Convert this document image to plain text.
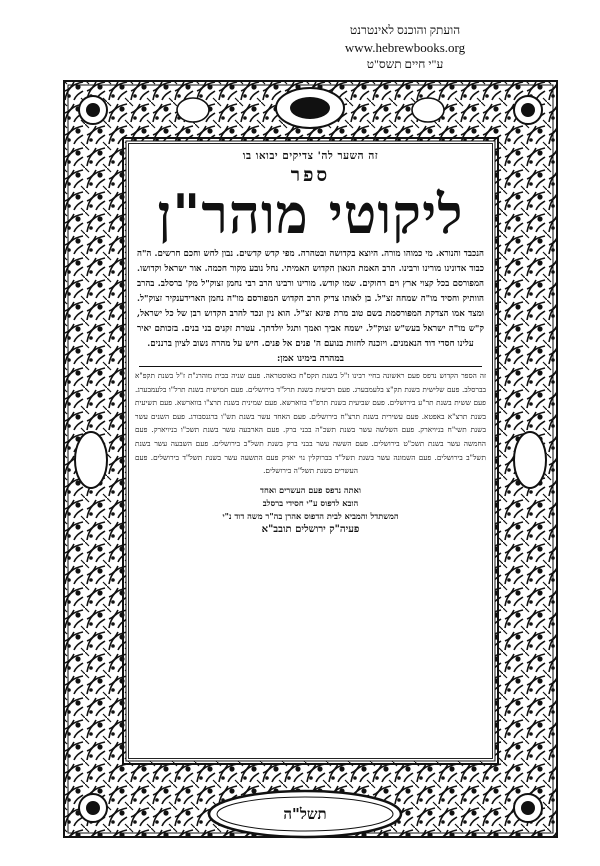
הועתק והוכנס לאינטרנט
www.hebrewbooks.org
ע"י חיים תשס"ט
זה השער לה' צדיקים יבואו בו
ספר
ליקוטי מוהר"ן
הנכבד והנורא. מי כמוהו מורה. היוצא בקדושה ובטהרה. מפי קדש קדשים. נבון לחש וחכם חרשים. ה"ה כבוד אדונינו מורינו ורבינו. הרב האמת הגאון הקדוש האמיתי. נחל נובע מקור חכמה. אור ישראל וקדושו. המפורסם בכל קצוי ארץ וים רחוקים. שמו קודש. מורינו ורבינו הרב רבי נחמן זצוק"ל מק' ברסלב. בהרב הוותיק וחסיד מו"ה שמחה זצ"ל. בן לאותו צדיק הרב הקדוש המפורסם מו"ה נחמן הארידענקיר זצוק"ל. ומצד אמו הצדקת המפורסמת בשם טוב מרת פיגא זצ"ל. הוא נין ונכד להרב הקדוש רבן של כל ישראל, ק"ש מו"ה ישראל בעש"ש זצוק"ל. ישמח אביך ואמך ותגל יולדתך. עטרת זקנים בני בנים. בזכותם יאיר עלינו חסדי דוד הנאמנים. ויזכנה לחזות בנועם ה' פנים אל פנים. חיש על מהרה נשוב לציון ברננים.
במהרה בימינו אמן:
זה הספר הקדוש נדפס פעם ראשונה בחיי רבינו ז"ל בשנת תקס"ח באוסטראה. פעם שניה בבית מוהרנ"ת ז"ל בשנת תקפ"א בברסלב. פעם שלישית בשנת תק"צ בלעמבערג. פעם רביעית בשנת תרל"ד בירושלים. פעם חמישית בשנת תרל"ו בלעמבערג. פעם ששית בשנת תר"ע בירושלים. פעם שביעית בשנת תרפ"ד בווארשא. פעם שמינית בשנת תרצ"ו בווארשא. פעם תשיעית בשנת תרצ"א באפטא. פעם עשירית בשנת תרצ"ח בירושלים. פעם האחד עשר בשנת תש"ו ברגנסבורג. פעם השנים עשר בשנת תשי"ח בניויארק. פעם השלשה עשר בשנת תשכ"ה בבני ברק. פעם הארבעה עשר בשנת תשכ"ו בניויארק. פעם החמשה עשר בשנת תשכ"ט בירושלים. פעם הששה עשר בבני ברק בשנת תשל"ב בירושלים. פעם השבעה עשר בשנת תשל"ב בירושלים. פעם השמונה עשר בשנת תשל"ד בברוקלין נוי יארק פעם התשעה עשר בשנת תשל"ד בירושלים. פעם העשרים בשנת תשל"ה בירושלים.
ואתה נדפס פעם העשרים ואחד
הובא לדפוס ע"י חסידי ברסלב
המשתדל והמביא לבית הדפוס אהרן בה"ר משה דוד נ"י
פעיה"ק ירושלים תובב"א
תשל"ה
